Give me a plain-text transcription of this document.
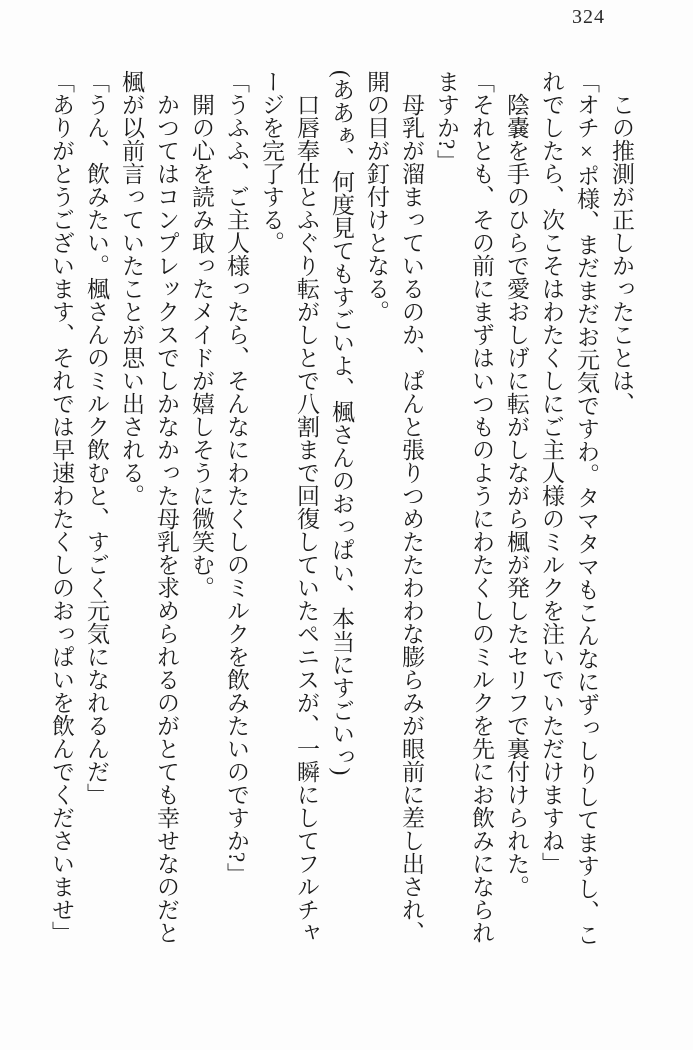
324

この推測が正しかったことは、

「オチ×ポ様、まだまだお元気ですわ。タマタマもこんなにずっしりしてますし、これでしたら、次こそはわたくしにご主人様のミルクを注いでいただけますね」

陰嚢を手のひらで愛おしげに転がしながら楓が発したセリフで裏付けられた。

「それとも、その前にまずはいつものようにわたくしのミルクを先にお飲みになられますか?」

母乳が溜まっているのか、ぱんと張りつめたたわわな膨らみが眼前に差し出され、開の目が釘付けとなる。

(ああぁ、何度見てもすごいよ、楓さんのおっぱい、本当にすごいっ)

口唇奉仕とふぐり転がしとで八割まで回復していたペニスが、一瞬にしてフルチャージを完了する。

「うふふ、ご主人様ったら、そんなにわたくしのミルクを飲みたいのですか?」

開の心を読み取ったメイドが嬉しそうに微笑む。

かつてはコンプレックスでしかなかった母乳を求められるのがとても幸せなのだと楓が以前言っていたことが思い出される。

「うん、飲みたい。楓さんのミルク飲むと、すごく元気になれるんだ」

「ありがとうございます、それでは早速わたくしのおっぱいを飲んでくださいませ」
